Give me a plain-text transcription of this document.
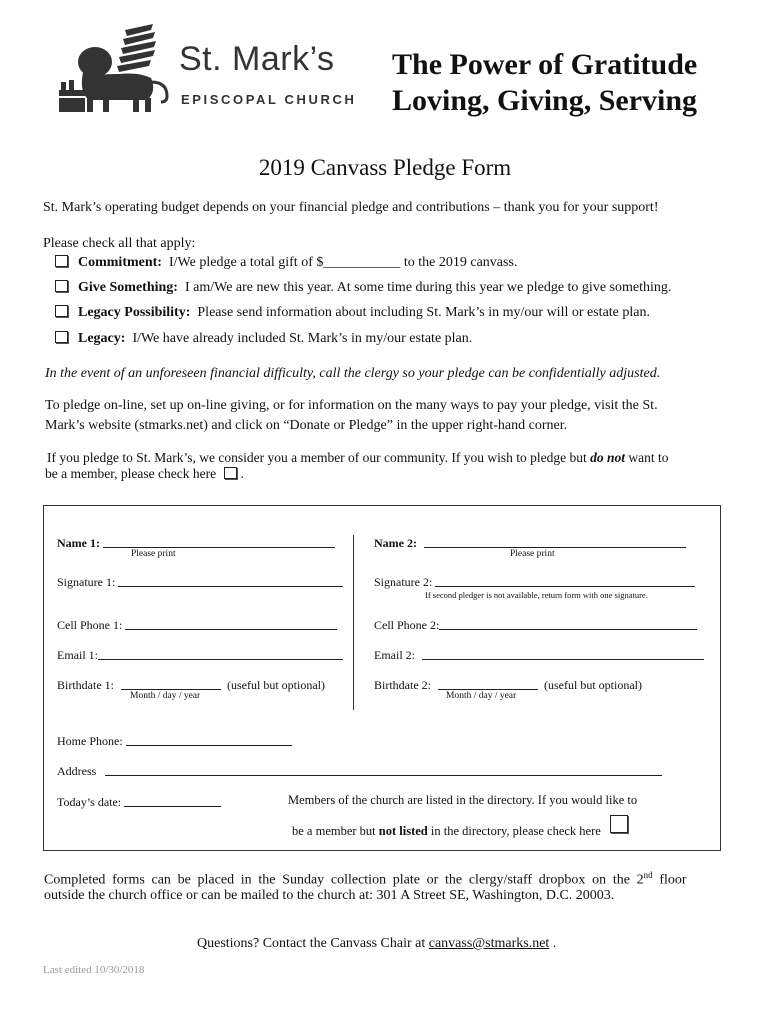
St. Mark’s
EPISCOPAL CHURCH
The Power of Gratitude
Loving, Giving, Serving
2019 Canvass Pledge Form
St. Mark’s operating budget depends on your financial pledge and contributions – thank you for your support!
Please check all that apply:
Commitment: I/We pledge a total gift of $___________ to the 2019 canvass.
Give Something: I am/We are new this year. At some time during this year we pledge to give something.
Legacy Possibility: Please send information about including St. Mark’s in my/our will or estate plan.
Legacy: I/We have already included St. Mark’s in my/our estate plan.
In the event of an unforeseen financial difficulty, call the clergy so your pledge can be confidentially adjusted.
To pledge on-line, set up on-line giving, or for information on the many ways to pay your pledge, visit the St.
Mark’s website (stmarks.net) and click on “Donate or Pledge” in the upper right-hand corner.
If you pledge to St. Mark’s, we consider you a member of our community. If you wish to pledge but do not want to
be a member, please check here .
Name 1:
Please print
Signature 1:
Cell Phone 1:
Email 1:
Birthdate 1:	(useful but optional)
Month / day / year
Name 2:
Please print
Signature 2:
If second pledger is not available, return form with one signature.
Cell Phone 2:
Email 2:
Birthdate 2:	(useful but optional)
Month / day / year
Home Phone:
Address
Today’s date:	Members of the church are listed in the directory. If you would like to
be a member but not listed in the directory, please check here
Completed forms can be placed in the Sunday collection plate or the clergy/staff dropbox on the 2nd floor
outside the church office or can be mailed to the church at: 301 A Street SE, Washington, D.C. 20003.
Questions? Contact the Canvass Chair at canvass@stmarks.net .
Last edited 10/30/2018
